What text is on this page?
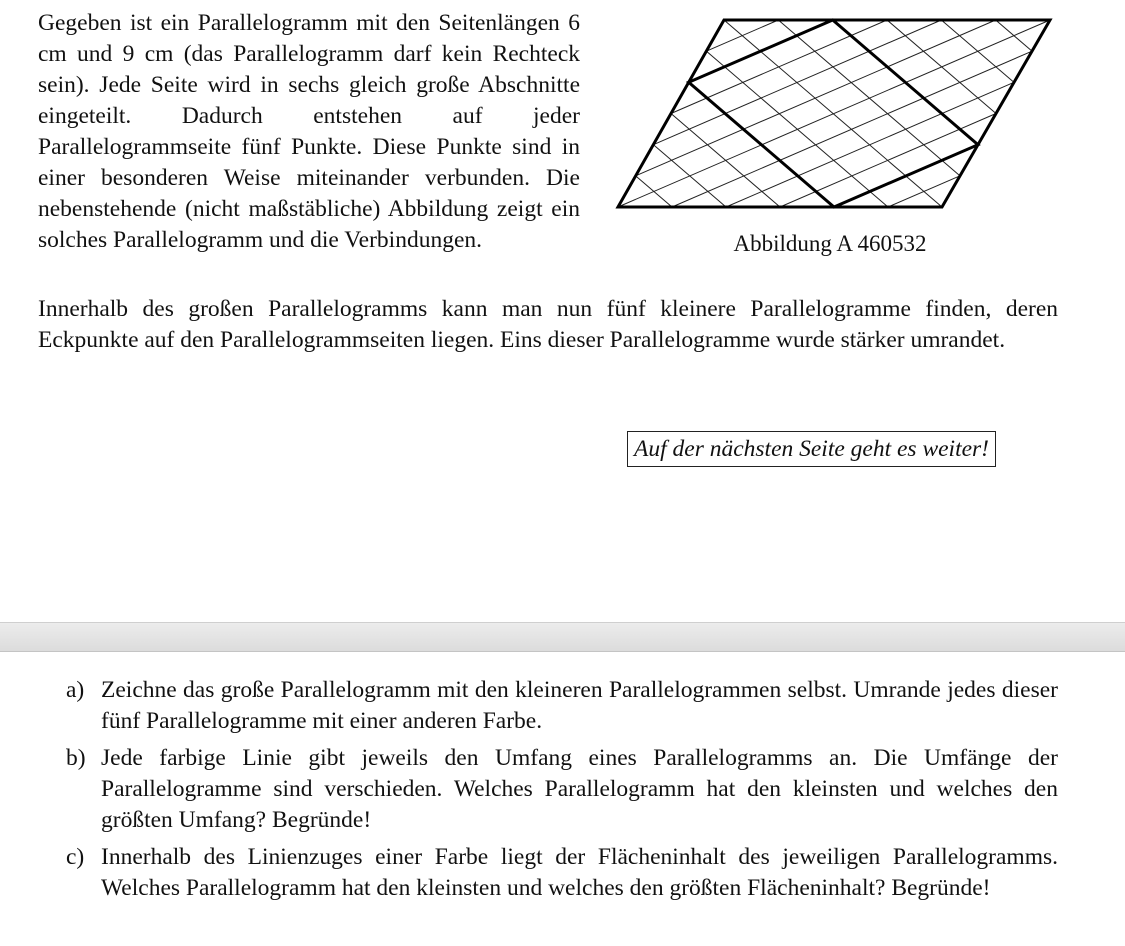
Gegeben ist ein Parallelogramm mit den Seitenlängen 6 cm und 9 cm (das Parallelogramm darf kein Rechteck sein). Jede Seite wird in sechs gleich große Abschnitte eingeteilt. Dadurch entstehen auf jeder Parallelogrammseite fünf Punkte. Diese Punkte sind in einer besonderen Weise miteinander verbunden. Die nebenstehende (nicht maßstäbliche) Abbildung zeigt ein solches Parallelogramm und die Verbindungen.	Abbildung A 460532

Innerhalb des großen Parallelogramms kann man nun fünf kleinere Parallelogramme finden, deren Eckpunkte auf den Parallelogrammseiten liegen. Eins dieser Parallelogramme wurde stärker umrandet.

Auf der nächsten Seite geht es weiter!
a) Zeichne das große Parallelogramm mit den kleineren Parallelogrammen selbst. Umrande jedes dieser fünf Parallelogramme mit einer anderen Farbe.
b) Jede farbige Linie gibt jeweils den Umfang eines Parallelogramms an. Die Umfänge der Parallelogramme sind verschieden. Welches Parallelogramm hat den kleinsten und welches den größten Umfang? Begründe!
c) Innerhalb des Linienzuges einer Farbe liegt der Flächeninhalt des jeweiligen Parallelogramms. Welches Parallelogramm hat den kleinsten und welches den größten Flächeninhalt? Begründe!
